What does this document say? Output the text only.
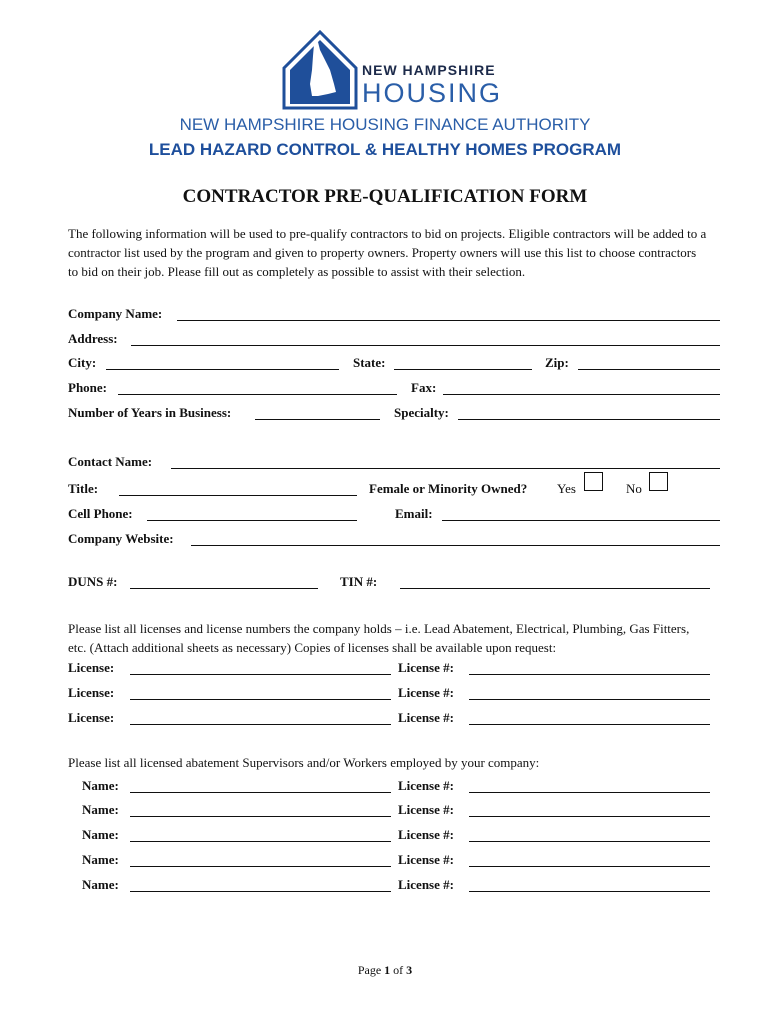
NEW HAMPSHIRE
HOUSING
NEW HAMPSHIRE HOUSING FINANCE AUTHORITY
LEAD HAZARD CONTROL & HEALTHY HOMES PROGRAM
CONTRACTOR PRE-QUALIFICATION FORM
The following information will be used to pre-qualify contractors to bid on projects. Eligible contractors will be added to a contractor list used by the program and given to property owners. Property owners will use this list to choose contractors to bid on their job. Please fill out as completely as possible to assist with their selection.
Company Name:
Address:
City:	State:	Zip:
Phone:	Fax:
Number of Years in Business:	Specialty:
Contact Name:
Title:	Female or Minority Owned? Yes	No
Cell Phone:	Email:
Company Website:
DUNS #:	TIN #:
Please list all licenses and license numbers the company holds – i.e. Lead Abatement, Electrical, Plumbing, Gas Fitters, etc. (Attach additional sheets as necessary) Copies of licenses shall be available upon request:
License:	License #:
License:	License #:
License:	License #:
Please list all licensed abatement Supervisors and/or Workers employed by your company:
Name:	License #:
Name:	License #:
Name:	License #:
Name:	License #:
Name:	License #:
Page 1 of 3
